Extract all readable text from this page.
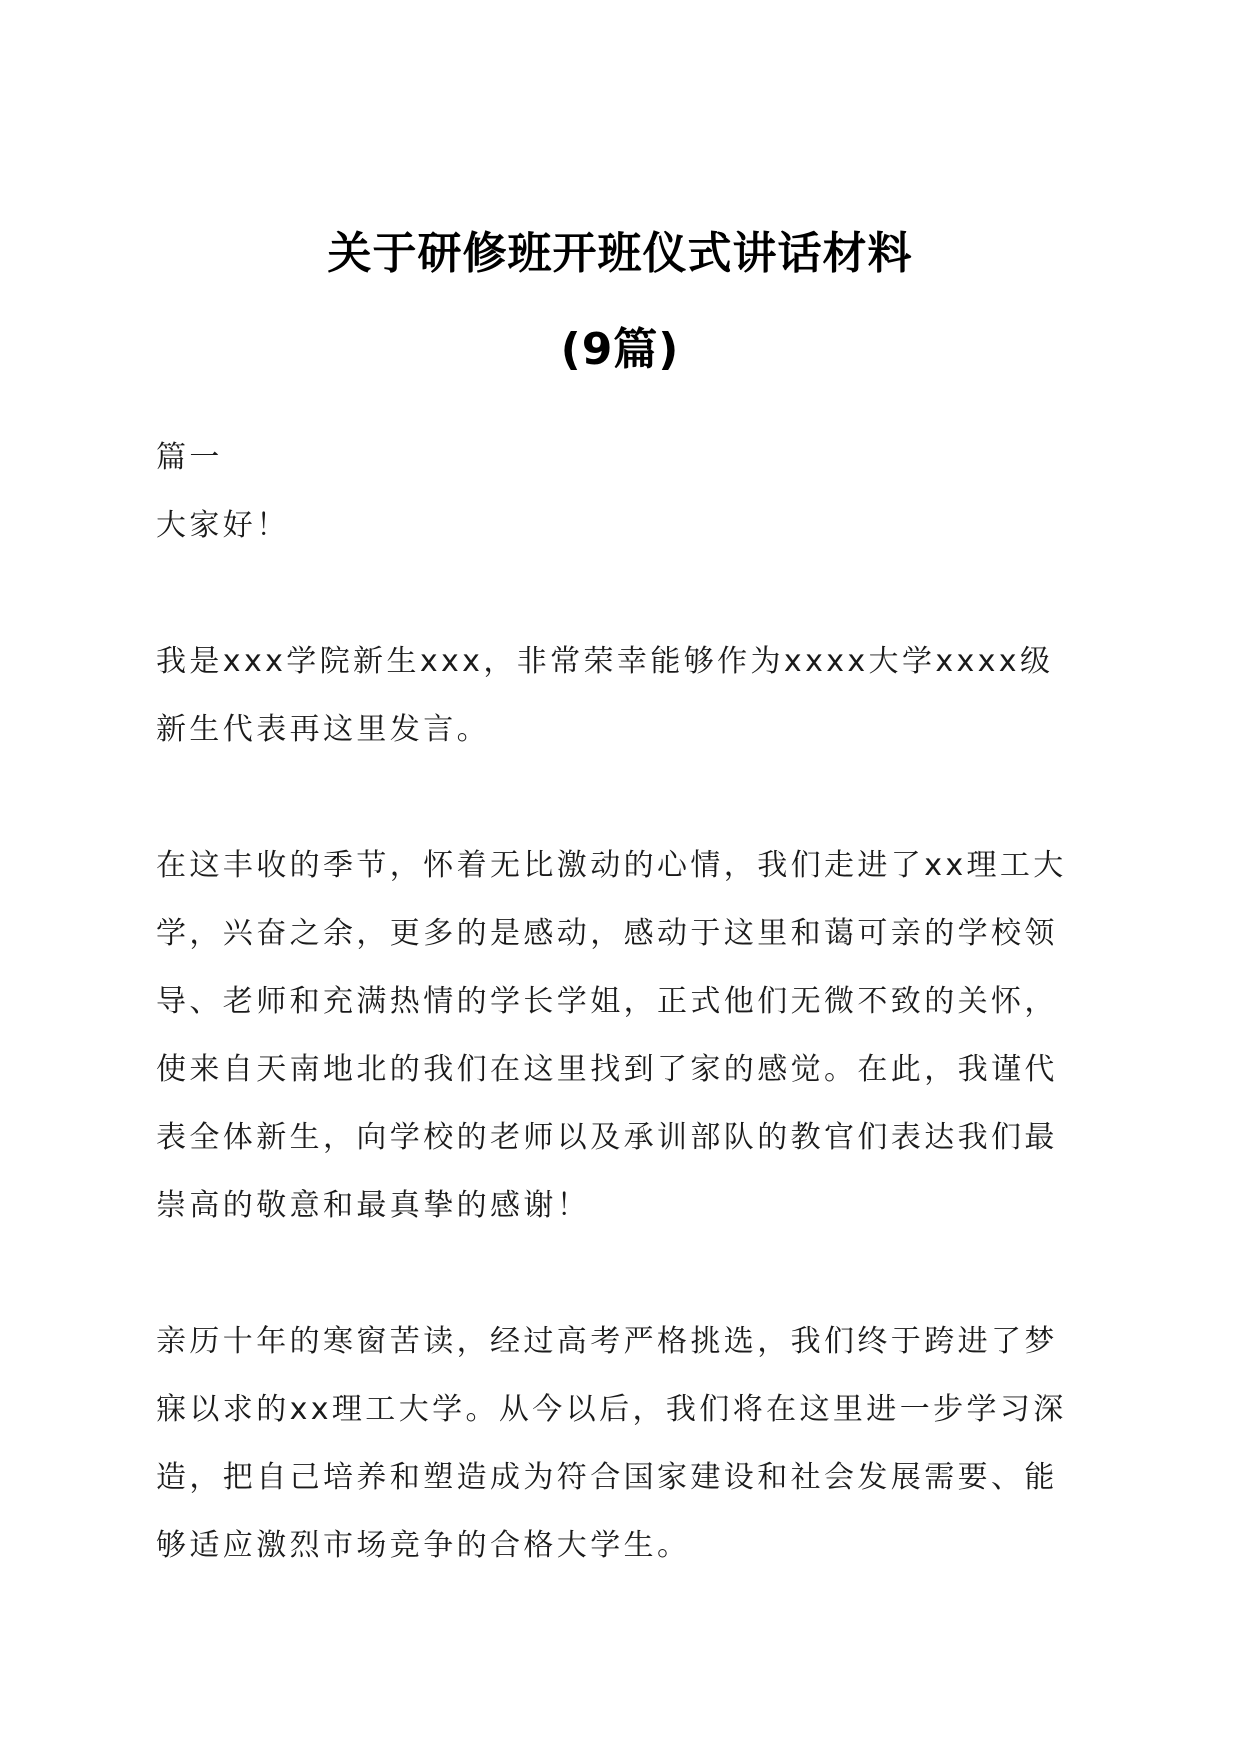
关于研修班开班仪式讲话材料
(9篇)

篇一

大家好！

我是xxx学院新生xxx，非常荣幸能够作为xxxx大学xxxx级新生代表再这里发言。

在这丰收的季节，怀着无比激动的心情，我们走进了xx理工大学，兴奋之余，更多的是感动，感动于这里和蔼可亲的学校领导、老师和充满热情的学长学姐，正式他们无微不致的关怀，使来自天南地北的我们在这里找到了家的感觉。在此，我谨代表全体新生，向学校的老师以及承训部队的教官们表达我们最崇高的敬意和最真挚的感谢！

亲历十年的寒窗苦读，经过高考严格挑选，我们终于跨进了梦寐以求的xx理工大学。从今以后，我们将在这里进一步学习深造，把自己培养和塑造成为符合国家建设和社会发展需要、能够适应激烈市场竞争的合格大学生。
